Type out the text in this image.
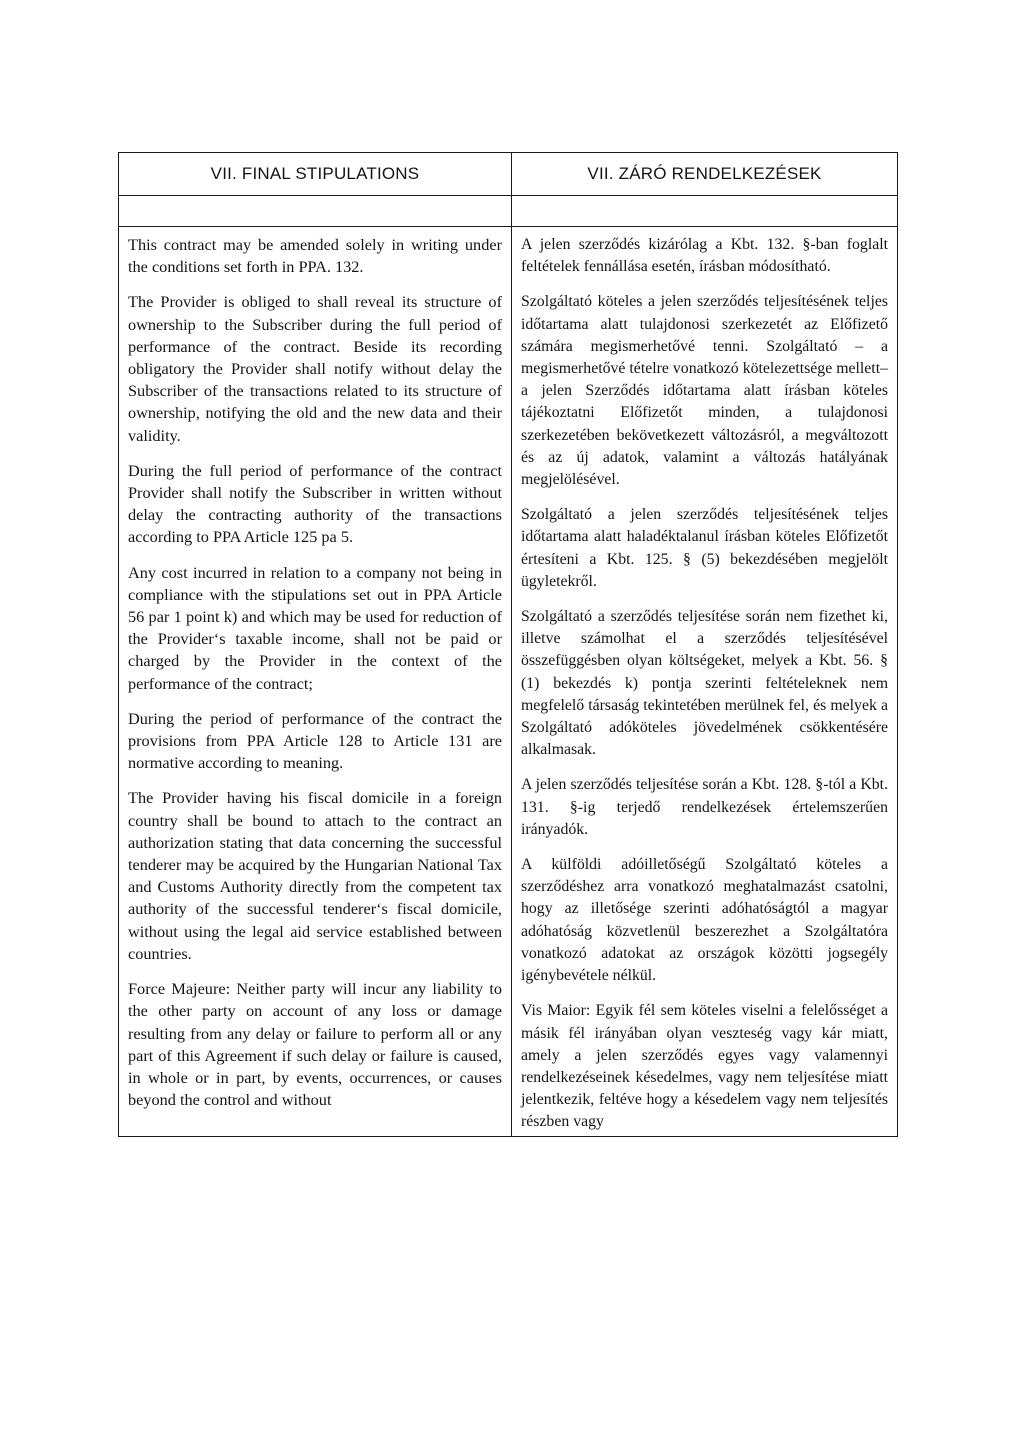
VII. FINAL STIPULATIONS	VII. ZÁRÓ RENDELKEZÉSEK

This contract may be amended solely in writing under the conditions set forth in PPA. 132.

The Provider is obliged to shall reveal its structure of ownership to the Subscriber during the full period of performance of the contract. Beside its recording obligatory the Provider shall notify without delay the Subscriber of the transactions related to its structure of ownership, notifying the old and the new data and their validity.

During the full period of performance of the contract Provider shall notify the Subscriber in written without delay the contracting authority of the transactions according to PPA Article 125 pa 5.

Any cost incurred in relation to a company not being in compliance with the stipulations set out in PPA Article 56 par 1 point k) and which may be used for reduction of the Provider‘s taxable income, shall not be paid or charged by the Provider in the context of the performance of the contract;

During the period of performance of the contract the provisions from PPA Article 128 to Article 131 are normative according to meaning.

The Provider having his fiscal domicile in a foreign country shall be bound to attach to the contract an authorization stating that data concerning the successful tenderer may be acquired by the Hungarian National Tax and Customs Authority directly from the competent tax authority of the successful tenderer‘s fiscal domicile, without using the legal aid service established between countries.

Force Majeure: Neither party will incur any liability to the other party on account of any loss or damage resulting from any delay or failure to perform all or any part of this Agreement if such delay or failure is caused, in whole or in part, by events, occurrences, or causes beyond the control and without

A jelen szerződés kizárólag a Kbt. 132. §-ban foglalt feltételek fennállása esetén, írásban módosítható.

Szolgáltató köteles a jelen szerződés teljesítésének teljes időtartama alatt tulajdonosi szerkezetét az Előfizető számára megismerhetővé tenni. Szolgáltató – a megismerhetővé tételre vonatkozó kötelezettsége mellett– a jelen Szerződés időtartama alatt írásban köteles tájékoztatni Előfizetőt minden, a tulajdonosi szerkezetében bekövetkezett változásról, a megváltozott és az új adatok, valamint a változás hatályának megjelölésével.

Szolgáltató a jelen szerződés teljesítésének teljes időtartama alatt haladéktalanul írásban köteles Előfizetőt értesíteni a Kbt. 125. § (5) bekezdésében megjelölt ügyletekről.

Szolgáltató a szerződés teljesítése során nem fizethet ki, illetve számolhat el a szerződés teljesítésével összefüggésben olyan költségeket, melyek a Kbt. 56. § (1) bekezdés k) pontja szerinti feltételeknek nem megfelelő társaság tekintetében merülnek fel, és melyek a Szolgáltató adóköteles jövedelmének csökkentésére alkalmasak.

A jelen szerződés teljesítése során a Kbt. 128. §-tól a Kbt. 131. §-ig terjedő rendelkezések értelemszerűen irányadók.

A külföldi adóilletőségű Szolgáltató köteles a szerződéshez arra vonatkozó meghatalmazást csatolni, hogy az illetősége szerinti adóhatóságtól a magyar adóhatóság közvetlenül beszerezhet a Szolgáltatóra vonatkozó adatokat az országok közötti jogsegély igénybevétele nélkül.

Vis Maior: Egyik fél sem köteles viselni a felelősséget a másik fél irányában olyan veszteség vagy kár miatt, amely a jelen szerződés egyes vagy valamennyi rendelkezéseinek késedelmes, vagy nem teljesítése miatt jelentkezik, feltéve hogy a késedelem vagy nem teljesítés részben vagy
